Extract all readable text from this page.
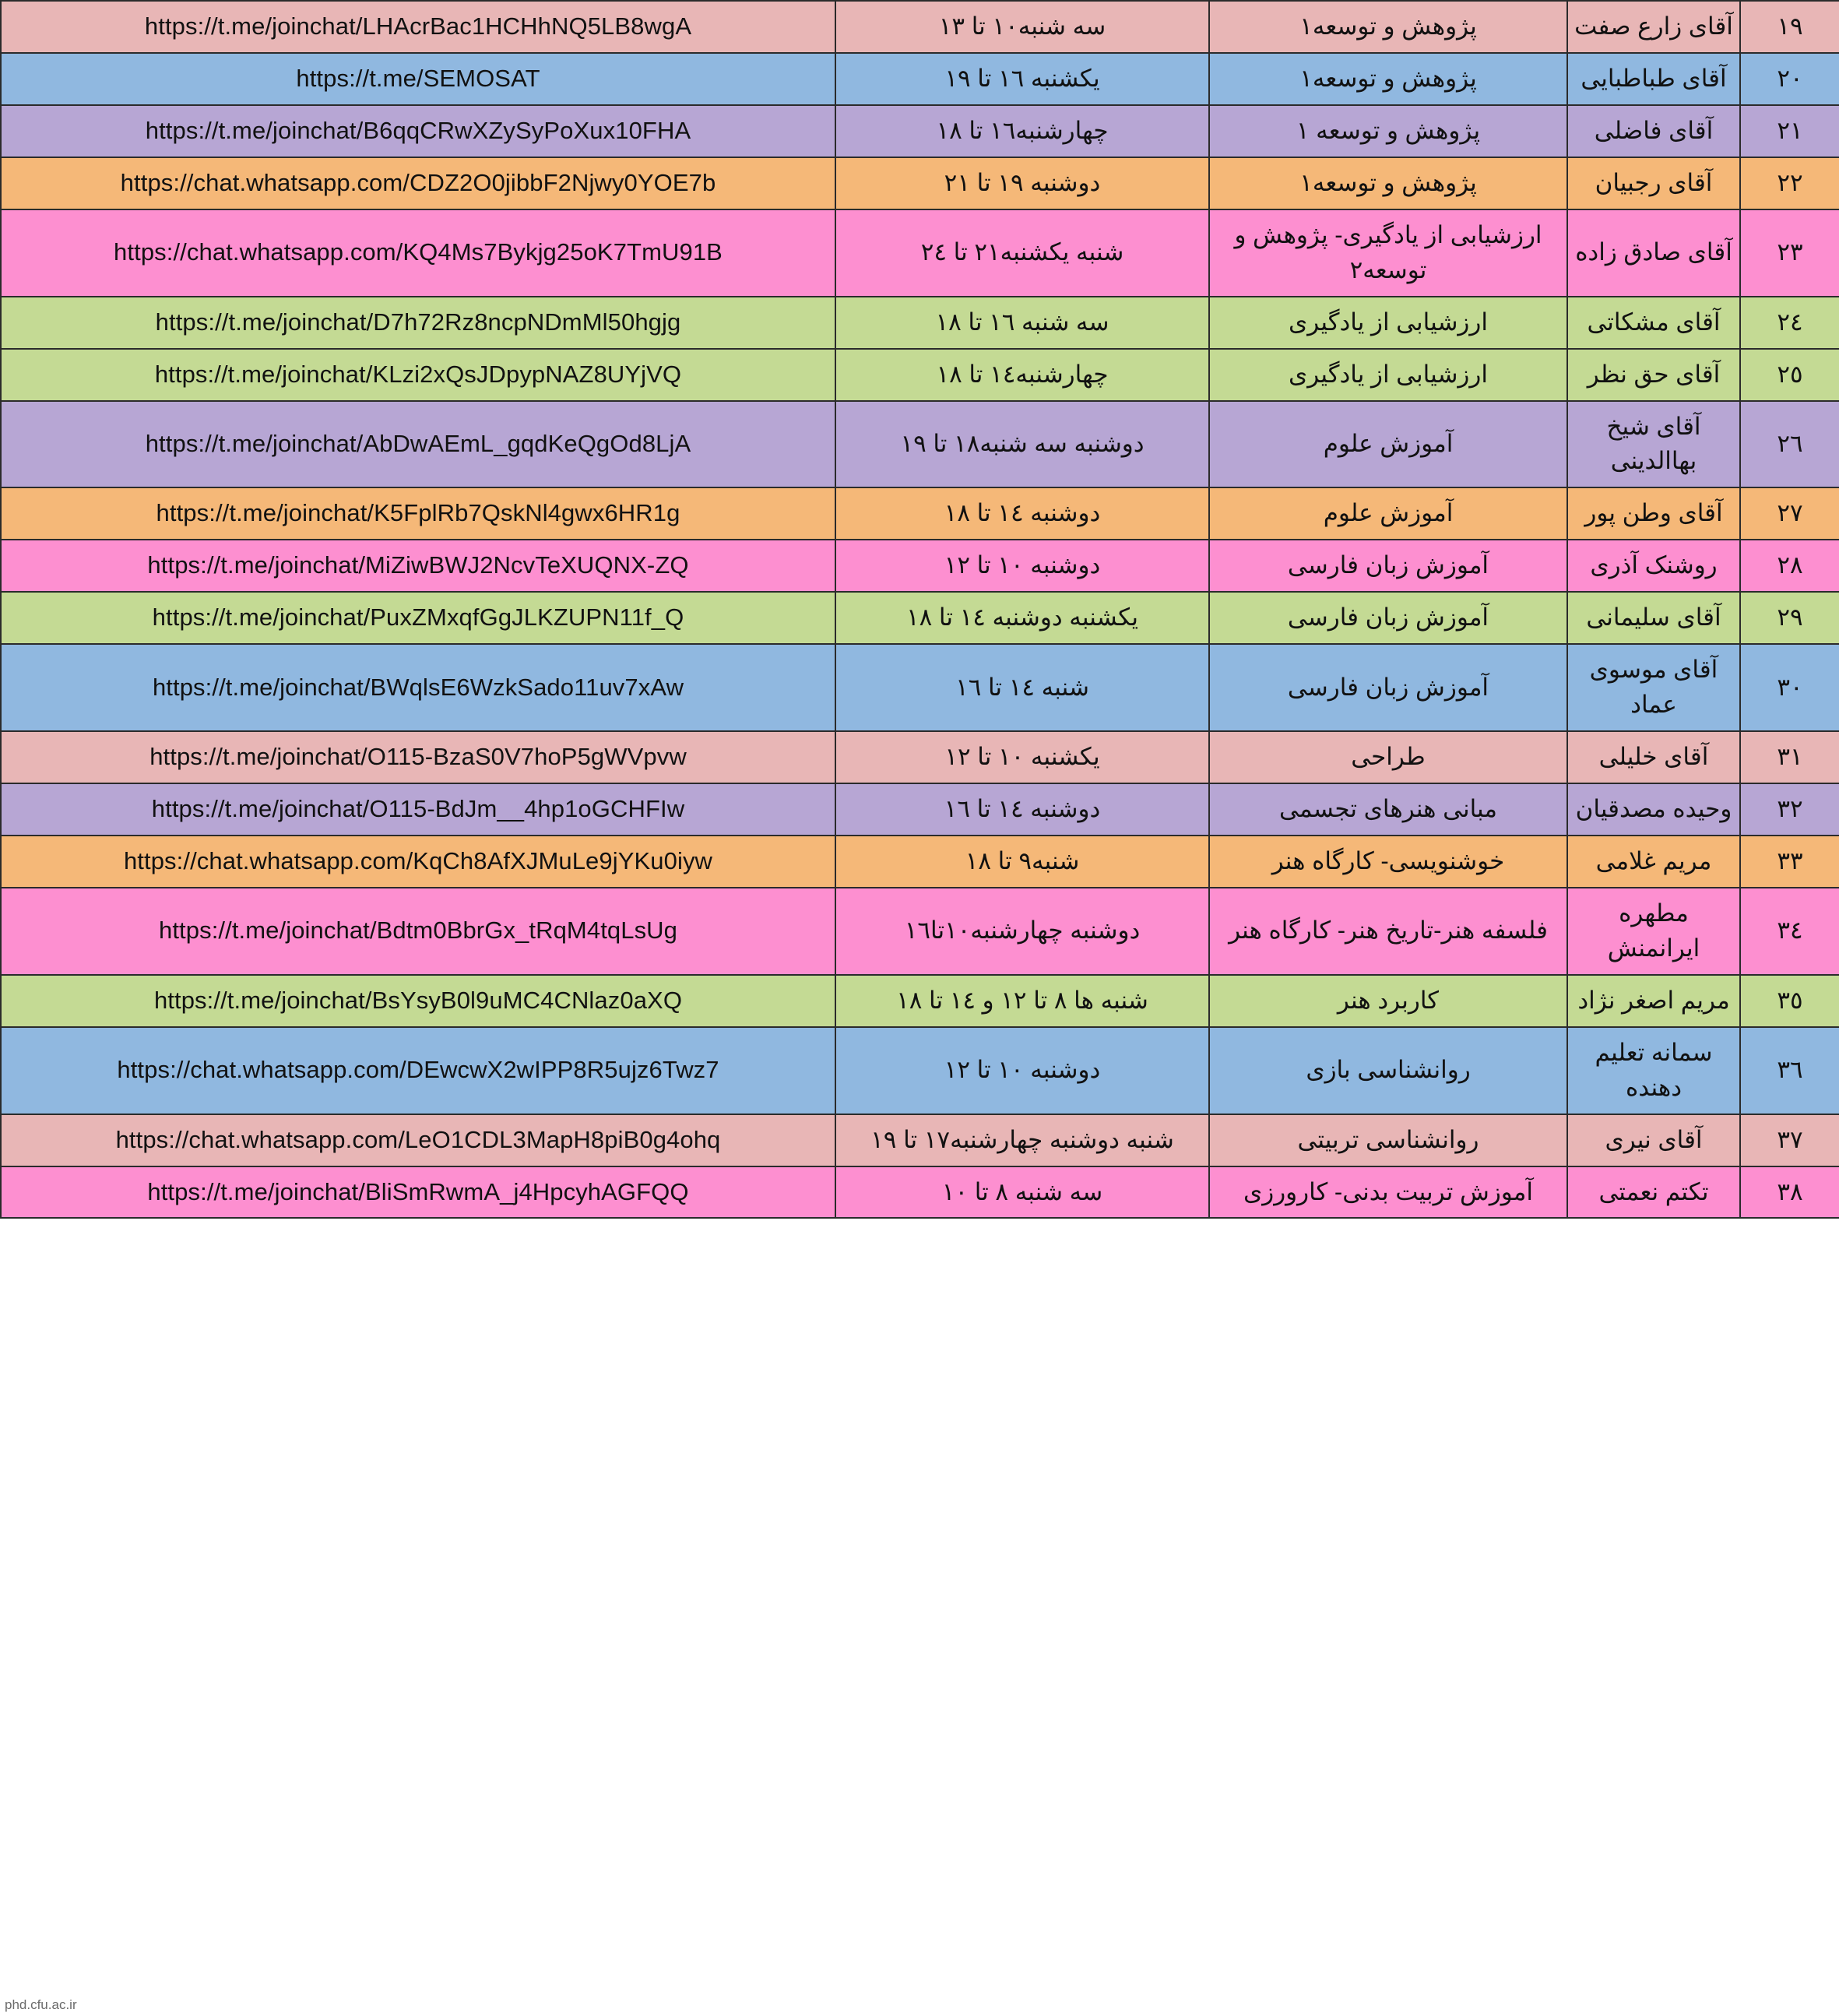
١٩	آقای زارع صفت	پژوهش و توسعه١	سه شنبه١٠ تا ١٣	https://t.me/joinchat/LHAcrBac1HCHhNQ5LB8wgA
٢٠	آقای طباطبایی	پژوهش و توسعه١	یکشنبه ١٦ تا ١٩	https://t.me/SEMOSAT
٢١	آقای فاضلی	پژوهش و توسعه ١	چهارشنبه١٦ تا ١٨	https://t.me/joinchat/B6qqCRwXZySyPoXux10FHA
٢٢	آقای رجبیان	پژوهش و توسعه١	دوشنبه ١٩ تا ٢١	https://chat.whatsapp.com/CDZ2O0jibbF2Njwy0YOE7b
٢٣	آقای صادق زاده	ارزشیابی از یادگیری- پژوهش و توسعه٢	شنبه یکشنبه٢١ تا ٢٤	https://chat.whatsapp.com/KQ4Ms7Bykjg25oK7TmU91B
٢٤	آقای مشکاتی	ارزشیابی از یادگیری	سه شنبه ١٦ تا ١٨	https://t.me/joinchat/D7h72Rz8ncpNDmMl50hgjg
٢٥	آقای حق نظر	ارزشیابی از یادگیری	چهارشنبه١٤ تا ١٨	https://t.me/joinchat/KLzi2xQsJDpypNAZ8UYjVQ
٢٦	آقای شیخ بهاالدینی	آموزش علوم	دوشنبه سه شنبه١٨ تا ١٩	https://t.me/joinchat/AbDwAEmL_gqdKeQgOd8LjA
٢٧	آقای وطن پور	آموزش علوم	دوشنبه ١٤ تا ١٨	https://t.me/joinchat/K5FplRb7QskNl4gwx6HR1g
٢٨	روشنک آذری	آموزش زبان فارسی	دوشنبه ١٠ تا ١٢	https://t.me/joinchat/MiZiwBWJ2NcvTeXUQNX-ZQ
٢٩	آقای سلیمانی	آموزش زبان فارسی	یکشنبه دوشنبه ١٤ تا ١٨	https://t.me/joinchat/PuxZMxqfGgJLKZUPN11f_Q
٣٠	آقای موسوی عماد	آموزش زبان فارسی	شنبه ١٤ تا ١٦	https://t.me/joinchat/BWqlsE6WzkSado11uv7xAw
٣١	آقای خلیلی	طراحی	یکشنبه ١٠ تا ١٢	https://t.me/joinchat/O115-BzaS0V7hoP5gWVpvw
٣٢	وحیده مصدقیان	مبانی هنرهای تجسمی	دوشنبه ١٤ تا ١٦	https://t.me/joinchat/O115-BdJm__4hp1oGCHFIw
٣٣	مریم غلامی	خوشنویسی- کارگاه هنر	شنبه٩ تا ١٨	https://chat.whatsapp.com/KqCh8AfXJMuLe9jYKu0iyw
٣٤	مطهره ایرانمنش	فلسفه هنر-تاریخ هنر- کارگاه هنر	دوشنبه چهارشنبه١٠تا١٦	https://t.me/joinchat/Bdtm0BbrGx_tRqM4tqLsUg
٣٥	مریم اصغر نژاد	کاربرد هنر	شنبه ها ٨ تا ١٢ و ١٤ تا ١٨	https://t.me/joinchat/BsYsyB0l9uMC4CNlaz0aXQ
٣٦	سمانه تعلیم دهنده	روانشناسی بازی	دوشنبه ١٠ تا ١٢	https://chat.whatsapp.com/DEwcwX2wIPP8R5ujz6Twz7
٣٧	آقای نیری	روانشناسی تربیتی	شنبه دوشنبه چهارشنبه١٧ تا ١٩	https://chat.whatsapp.com/LeO1CDL3MapH8piB0g4ohq
٣٨	تکتم نعمتی	آموزش تربیت بدنی- کارورزی	سه شنبه ٨ تا ١٠	https://t.me/joinchat/BliSmRwmA_j4HpcyhAGFQQ
phd.cfu.ac.ir
